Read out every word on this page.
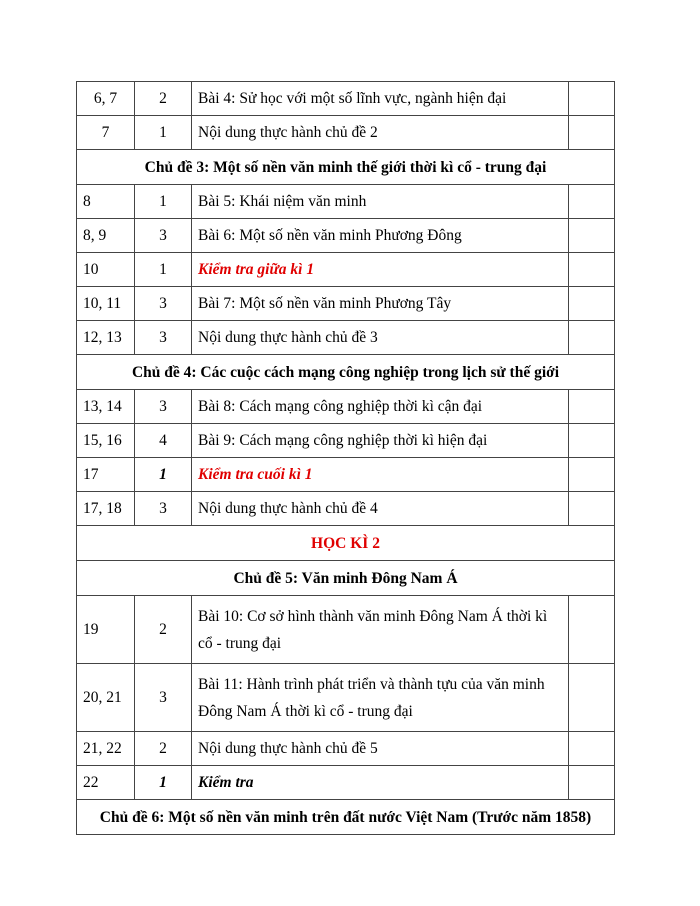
6, 7	2	Bài 4: Sử học với một số lĩnh vực, ngành hiện đại	
7	1	Nội dung thực hành chủ đề 2	
Chủ đề 3: Một số nền văn minh thế giới thời kì cổ - trung đại			
8	1	Bài 5: Khái niệm văn minh	
8, 9	3	Bài 6: Một số nền văn minh Phương Đông	
10	1	Kiểm tra giữa kì 1	
10, 11	3	Bài 7: Một số nền văn minh Phương Tây	
12, 13	3	Nội dung thực hành chủ đề 3	
Chủ đề 4: Các cuộc cách mạng công nghiệp trong lịch sử thế giới			
13, 14	3	Bài 8: Cách mạng công nghiệp thời kì cận đại	
15, 16	4	Bài 9: Cách mạng công nghiệp thời kì hiện đại	
17	1	Kiểm tra cuối kì 1	
17, 18	3	Nội dung thực hành chủ đề 4	
HỌC KÌ 2			
Chủ đề 5: Văn minh Đông Nam Á			
19	2	Bài 10: Cơ sở hình thành văn minh Đông Nam Á thời kì
cổ - trung đại	

20, 21	3	Bài 11: Hành trình phát triển và thành tựu của văn minh
Đông Nam Á thời kì cổ - trung đại	

21, 22	2	Nội dung thực hành chủ đề 5	
22	1	Kiểm tra	
Chủ đề 6: Một số nền văn minh trên đất nước Việt Nam (Trước năm 1858)			
